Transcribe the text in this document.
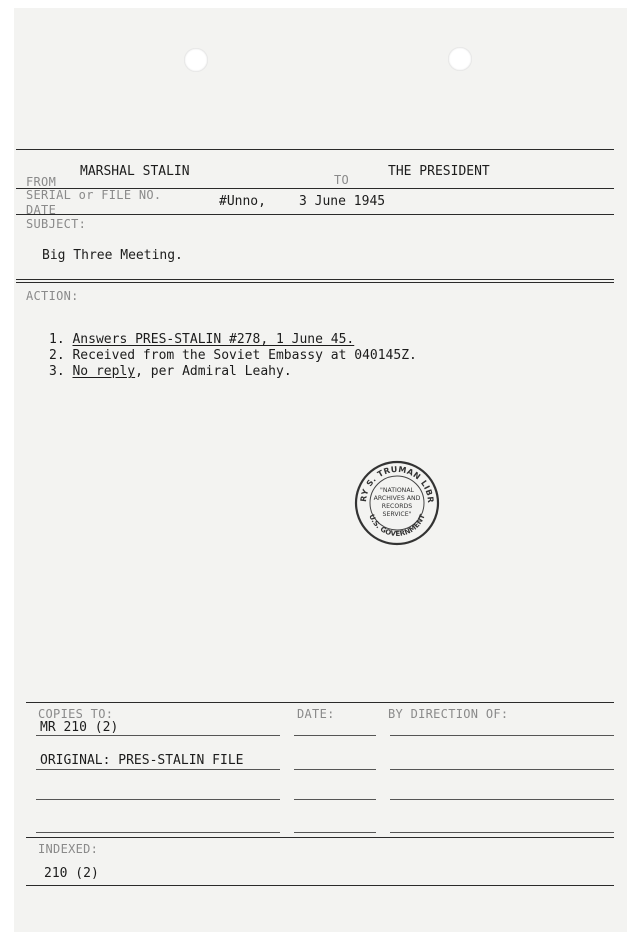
FROM
MARSHAL STALIN
TO
THE PRESIDENT
SERIAL or FILE NO.
DATE
#Unno,	3 June 1945
SUBJECT:
Big Three Meeting.
ACTION:
1. Answers PRES-STALIN #278, 1 June 45.
2. Received from the Soviet Embassy at 040145Z.
3. No reply, per Admiral Leahy.
RY S. TRUMAN LIBR
U.S. GOVERNMENT
"NATIONAL
ARCHIVES AND
RECORDS
SERVICE"
COPIES TO:
MR 210 (2)
DATE:	BY DIRECTION OF:
ORIGINAL: PRES-STALIN FILE
INDEXED:
210 (2)
